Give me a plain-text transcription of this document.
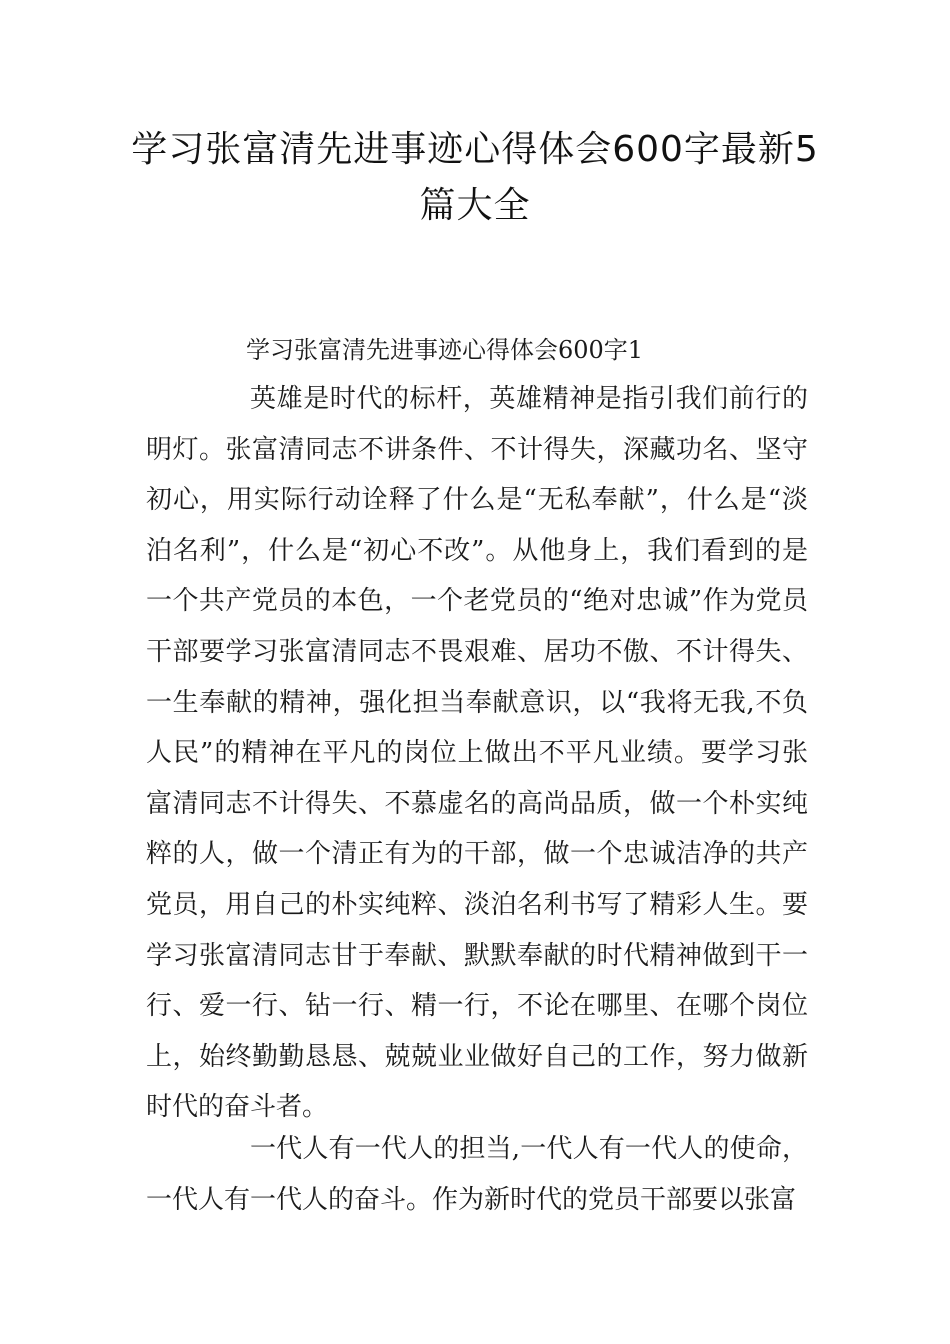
学习张富清先进事迹心得体会600字最新5篇大全

学习张富清先进事迹心得体会600字1

英雄是时代的标杆，英雄精神是指引我们前行的明灯。张富清同志不讲条件、不计得失，深藏功名、坚守初心，用实际行动诠释了什么是“无私奉献”，什么是“淡泊名利”，什么是“初心不改”。从他身上，我们看到的是一个共产党员的本色，一个老党员的“绝对忠诚”作为党员干部要学习张富清同志不畏艰难、居功不傲、不计得失、一生奉献的精神，强化担当奉献意识，以“我将无我,不负人民”的精神在平凡的岗位上做出不平凡业绩。要学习张富清同志不计得失、不慕虚名的高尚品质，做一个朴实纯粹的人，做一个清正有为的干部，做一个忠诚洁净的共产党员，用自己的朴实纯粹、淡泊名利书写了精彩人生。要学习张富清同志甘于奉献、默默奉献的时代精神做到干一行、爱一行、钻一行、精一行，不论在哪里、在哪个岗位上，始终勤勤恳恳、兢兢业业做好自己的工作，努力做新时代的奋斗者。

一代人有一代人的担当,一代人有一代人的使命，一代人有一代人的奋斗。作为新时代的党员干部要以张富
